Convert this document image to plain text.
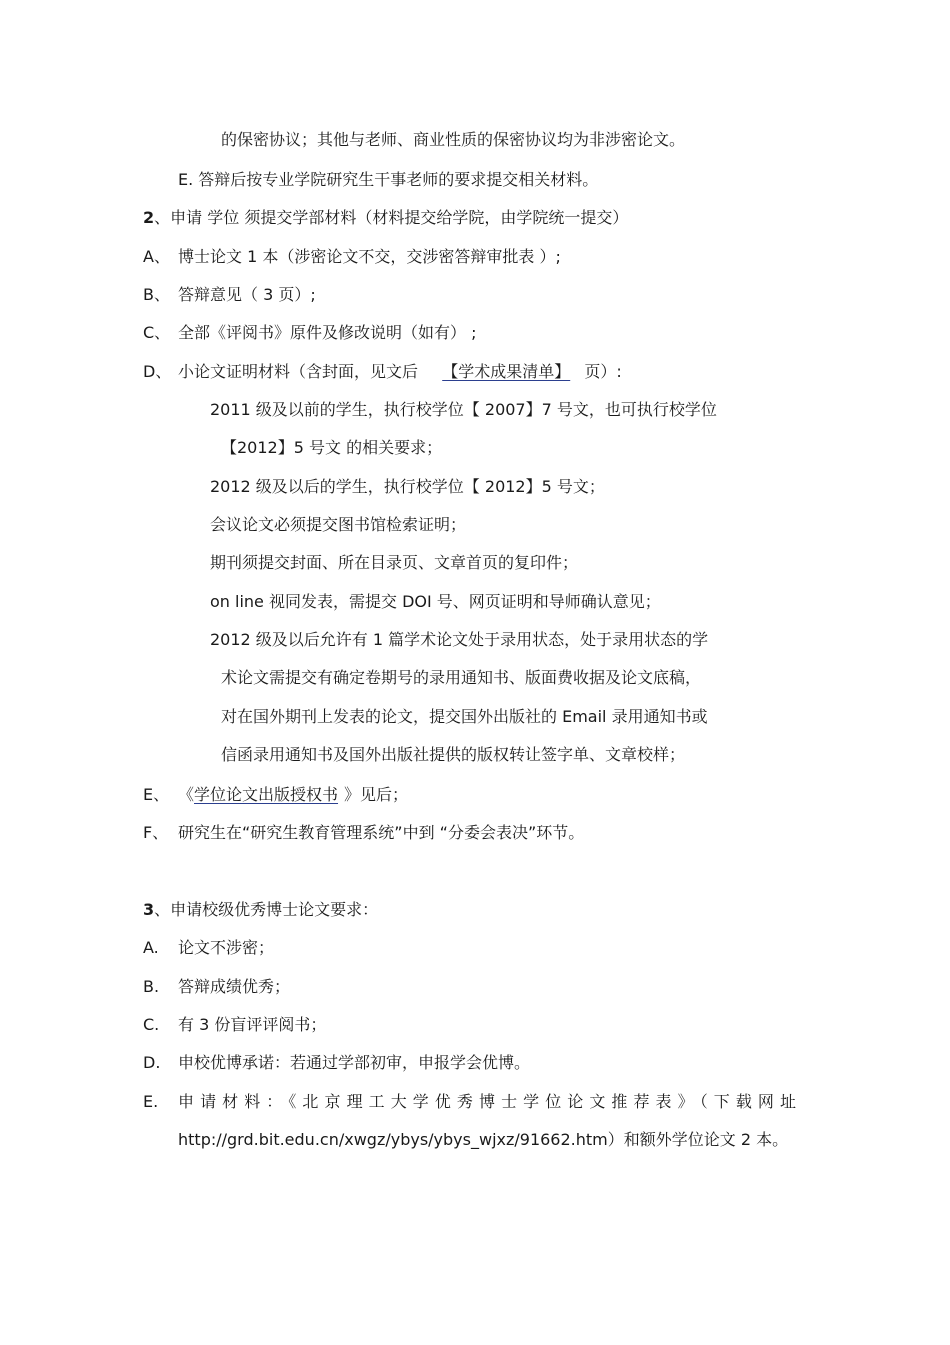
的保密协议；其他与老师、商业性质的保密协议均为非涉密论文。
E. 答辩后按专业学院研究生干事老师的要求提交相关材料。
2、申请 学位 须提交学部材料（材料提交给学院，由学院统一提交）
A、 博士论文 1 本（涉密论文不交，交涉密答辩审批表 ）;
B、 答辩意见（ 3 页）;
C、 全部《评阅书》原件及修改说明（如有） ;
D、 小论文证明材料（含封面，见文后 【学术成果清单】 页）:
2011 级及以前的学生，执行校学位【 2007】7 号文，也可执行校学位
【2012】5 号文 的相关要求；
2012 级及以后的学生，执行校学位【 2012】5 号文；
会议论文必须提交图书馆检索证明；
期刊须提交封面、所在目录页、文章首页的复印件；
on line 视同发表，需提交 DOI 号、网页证明和导师确认意见；
2012 级及以后允许有 1 篇学术论文处于录用状态，处于录用状态的学
术论文需提交有确定卷期号的录用通知书、版面费收据及论文底稿，
对在国外期刊上发表的论文，提交国外出版社的 Email 录用通知书或
信函录用通知书及国外出版社提供的版权转让签字单、文章校样；
E、 《学位论文出版授权书 》见后；
F、 研究生在“研究生教育管理系统”中到 “分委会表决”环节。
3、申请校级优秀博士论文要求：
A. 论文不涉密；
B. 答辩成绩优秀；
C. 有 3 份盲评评阅书；
D. 申校优博承诺：若通过学部初审，申报学会优博。
E. 申请材料：《北京理工大学优秀博士学位论文推荐表》（下载网址
http://grd.bit.edu.cn/xwgz/ybys/ybys_wjxz/91662.htm）和额外学位论文 2 本。
